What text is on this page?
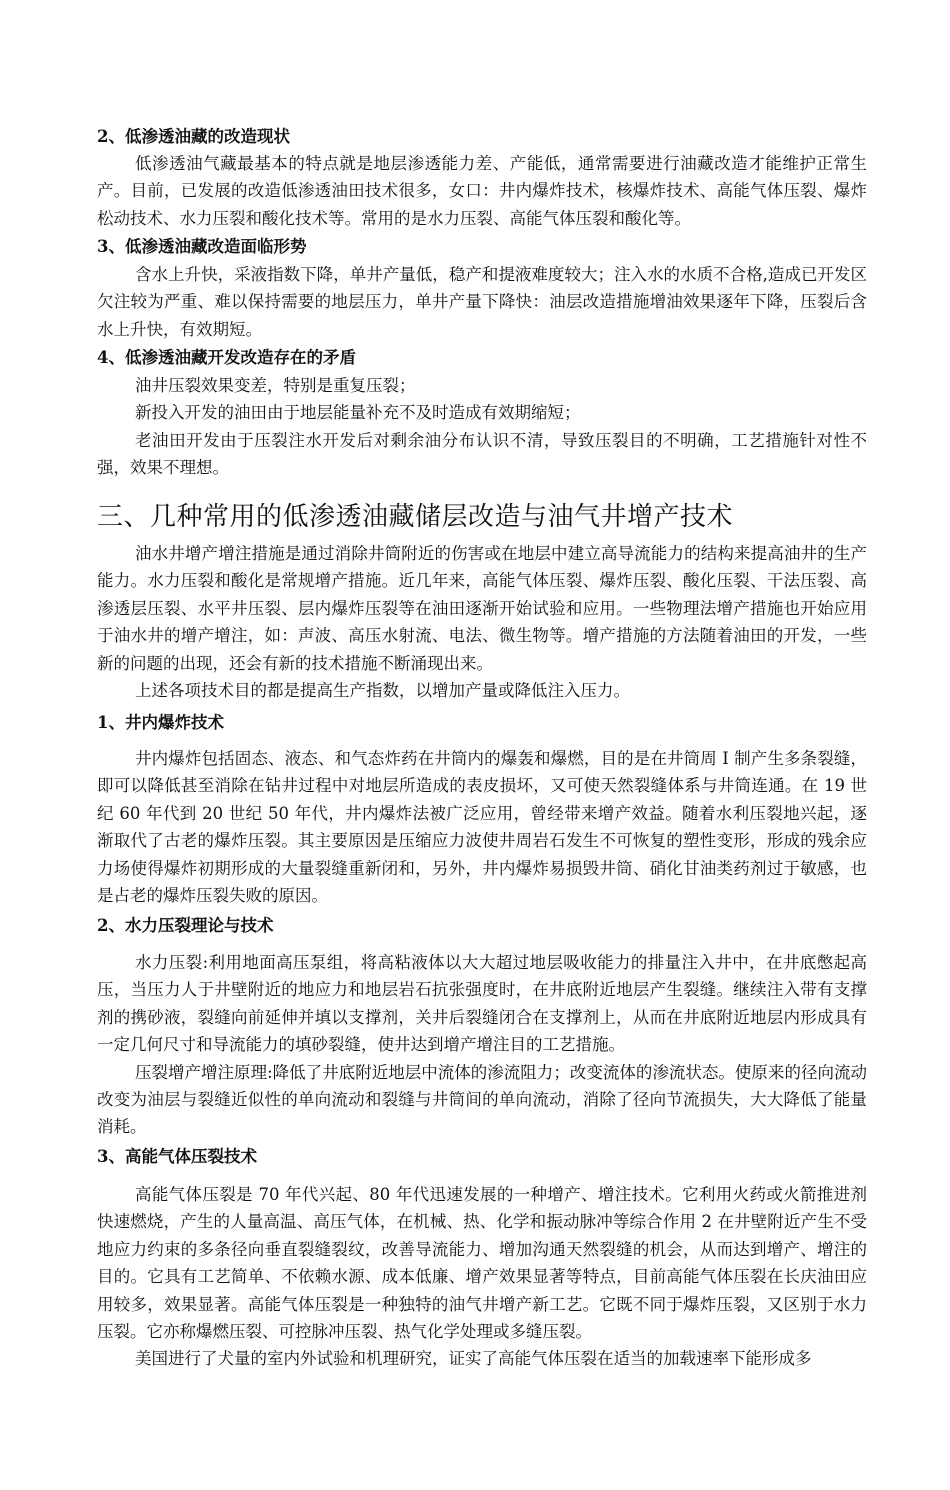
2、低渗透油藏的改造现状

低渗透油气藏最基本的特点就是地层渗透能力差、产能低，通常需要进行油藏改造才能维护正常生产。目前，已发展的改造低渗透油田技术很多，女口：井内爆炸技术，核爆炸技术、高能气体压裂、爆炸松动技术、水力压裂和酸化技术等。常用的是水力压裂、高能气体压裂和酸化等。

3、低渗透油藏改造面临形势

含水上升快，采液指数下降，单井产量低，稳产和提液难度较大；注入水的水质不合格,造成已开发区欠注较为严重、难以保持需要的地层压力，单井产量下降快：油层改造措施增油效果逐年下降，压裂后含水上升快，有效期短。

4、低渗透油藏开发改造存在的矛盾

油井压裂效果变差，特别是重复压裂；

新投入开发的油田由于地层能量补充不及时造成有效期缩短；

老油田开发由于压裂注水开发后对剩余油分布认识不清，导致压裂目的不明确，工艺措施针对性不强，效果不理想。

三、几种常用的低渗透油藏储层改造与油气井增产技术

油水井增产增注措施是通过消除井筒附近的伤害或在地层中建立高导流能力的结构来提高油井的生产能力。水力压裂和酸化是常规增产措施。近几年来，高能气体压裂、爆炸压裂、酸化压裂、干法压裂、高渗透层压裂、水平井压裂、层内爆炸压裂等在油田逐渐开始试验和应用。一些物理法增产措施也开始应用于油水井的增产增注，如：声波、高压水射流、电法、微生物等。增产措施的方法随着油田的开发，一些新的问题的出现，还会有新的技术措施不断涌现出来。

上述各项技术目的都是提高生产指数，以增加产量或降低注入压力。

1、井内爆炸技术

井内爆炸包括固态、液态、和气态炸药在井筒内的爆轰和爆燃，目的是在井筒周 I 制产生多条裂缝，即可以降低甚至消除在钻井过程中对地层所造成的表皮损坏，又可使天然裂缝体系与井筒连通。在 19 世纪 60 年代到 20 世纪 50 年代，井内爆炸法被广泛应用，曾经带来增产效益。随着水利压裂地兴起，逐渐取代了古老的爆炸压裂。其主要原因是压缩应力波使井周岩石发生不可恢复的塑性变形，形成的残余应力场使得爆炸初期形成的大量裂缝重新闭和，另外，井内爆炸易损毁井筒、硝化甘油类药剂过于敏感，也是占老的爆炸压裂失败的原因。

2、水力压裂理论与技术

水力压裂:利用地面高压泵组，将高粘液体以大大超过地层吸收能力的排量注入井中，在井底憋起高压，当压力人于井壁附近的地应力和地层岩石抗张强度时，在井底附近地层产生裂缝。继续注入带有支撑剂的携砂液，裂缝向前延伸并填以支撑剂，关井后裂缝闭合在支撑剂上，从而在井底附近地层内形成具有一定几何尺寸和导流能力的填砂裂缝，使井达到增产增注目的工艺措施。

压裂增产增注原理:降低了井底附近地层中流体的渗流阻力；改变流体的渗流状态。使原来的径向流动改变为油层与裂缝近似性的单向流动和裂缝与井筒间的单向流动，消除了径向节流损失，大大降低了能量消耗。

3、高能气体压裂技术

高能气体压裂是 70 年代兴起、80 年代迅速发展的一种增产、增注技术。它利用火药或火箭推进剂快速燃烧，产生的人量高温、高压气体，在机械、热、化学和振动脉冲等综合作用 2 在井壁附近产生不受地应力约束的多条径向垂直裂缝裂纹，改善导流能力、增加沟通天然裂缝的机会，从而达到增产、增注的目的。它具有工艺简单、不依赖水源、成本低廉、增产效果显著等特点，目前高能气体压裂在长庆油田应用较多，效果显著。高能气体压裂是一种独特的油气井增产新工艺。它既不同于爆炸压裂，又区别于水力压裂。它亦称爆燃压裂、可控脉冲压裂、热气化学处理或多缝压裂。

美国进行了犬量的室内外试验和机理研究，证实了高能气体压裂在适当的加载速率下能形成多
